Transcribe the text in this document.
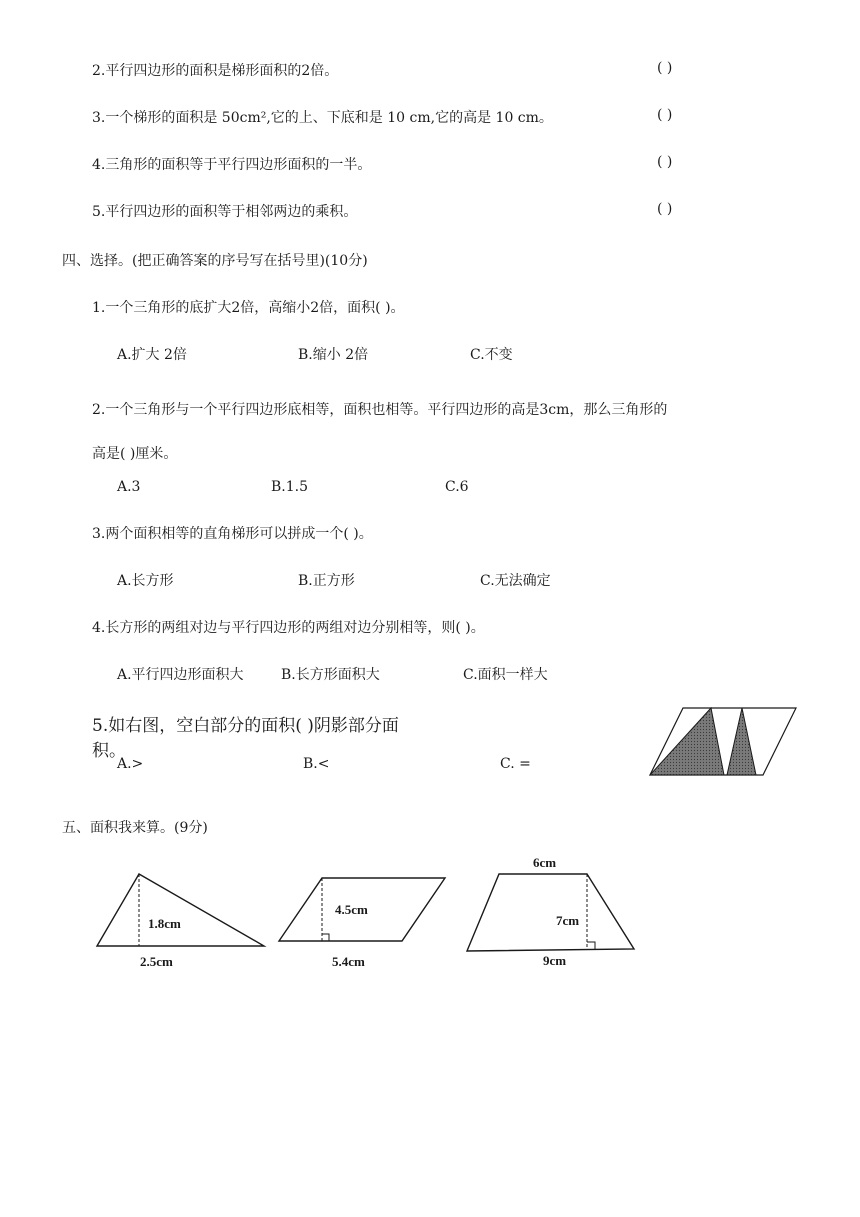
2.平行四边形的面积是梯形面积的2倍。	( )
3.一个梯形的面积是 50cm²,它的上、下底和是 10 cm,它的高是 10 cm。	( )
4.三角形的面积等于平行四边形面积的一半。	( )
5.平行四边形的面积等于相邻两边的乘积。	( )
四、选择。(把正确答案的序号写在括号里)(10分)
1.一个三角形的底扩大2倍，高缩小2倍，面积( )。
A.扩大 2倍	B.缩小 2倍	C.不变
2.一个三角形与一个平行四边形底相等，面积也相等。平行四边形的高是3cm，那么三角形的
高是( )厘米。
A.3	B.1.5	C.6
3.两个面积相等的直角梯形可以拼成一个( )。
A.长方形	B.正方形	C.无法确定
4.长方形的两组对边与平行四边形的两组对边分别相等，则( )。
A.平行四边形面积大	B.长方形面积大	C.面积一样大
5.如右图，空白部分的面积( )阴影部分面
积。
A.>	B.<	C. =
五、面积我来算。(9分)
1.8cm
2.5cm
4.5cm
5.4cm
6cm
7cm
9cm
